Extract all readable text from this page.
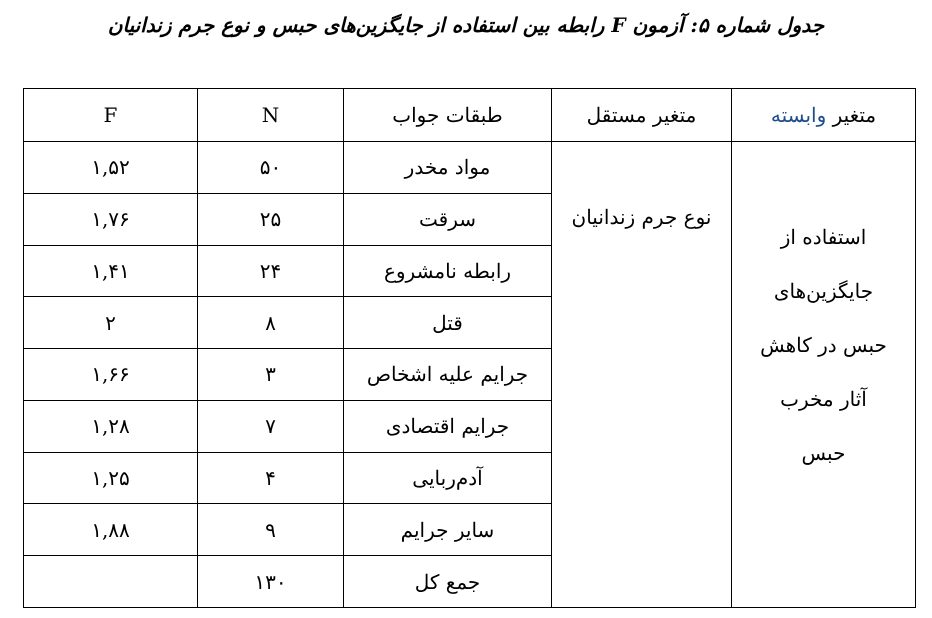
جدول شماره ۵: آزمون F رابطه بین استفاده از جایگزین‌های حبس و نوع جرم زندانیان
F	N	طبقات جواب	متغیر مستقل	متغیر وابسته
۱,۵۲	۵۰	مواد مخدر	نوع جرم زندانیان	استفاده از
جایگزین‌های
حبس در کاهش
آثار مخرب
حبس

۱,۷۶	۲۵	سرقت		
۱,۴۱	۲۴	رابطه نامشروع		
۲	۸	قتل		
۱,۶۶	۳	جرایم علیه اشخاص		
۱,۲۸	۷	جرایم اقتصادی		
۱,۲۵	۴	آدم‌ربایی		
۱,۸۸	۹	سایر جرایم		
	۱۳۰	جمع کل		
